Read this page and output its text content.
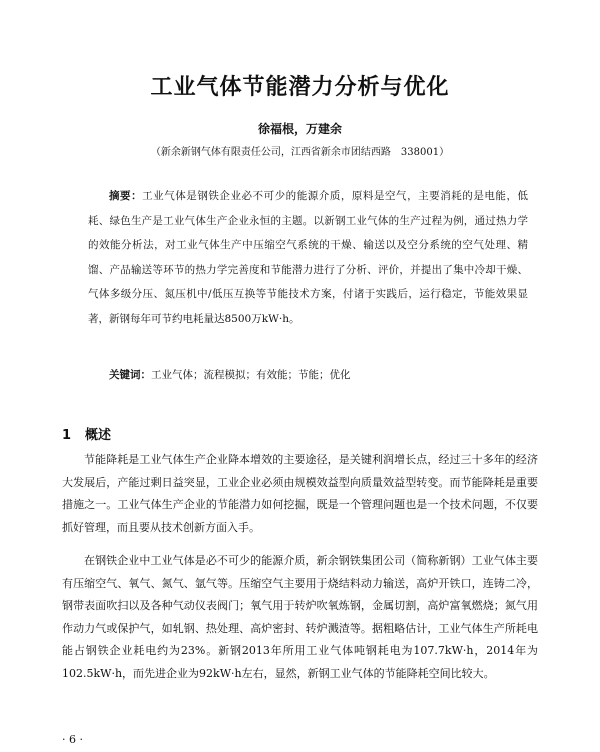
工业气体节能潜力分析与优化
徐福根，万建余
（新余新钢气体有限责任公司，江西省新余市团结西路　338001）
摘要：工业气体是钢铁企业必不可少的能源介质，原料是空气，主要消耗的是电能，低耗、绿色生产是工业气体生产企业永恒的主题。以新钢工业气体的生产过程为例，通过热力学的效能分析法，对工业气体生产中压缩空气系统的干燥、输送以及空分系统的空气处理、精馏、产品输送等环节的热力学完善度和节能潜力进行了分析、评价，并提出了集中冷却干燥、气体多级分压、氮压机中/低压互换等节能技术方案，付诸于实践后，运行稳定，节能效果显著，新钢每年可节约电耗量达8500万kW·h。
关键词：工业气体；流程模拟；有效能；节能；优化
1 概述
节能降耗是工业气体生产企业降本增效的主要途径，是关键利润增长点，经过三十多年的经济大发展后，产能过剩日益突显，工业企业必须由规模效益型向质量效益型转变。而节能降耗是重要措施之一。工业气体生产企业的节能潜力如何挖掘，既是一个管理问题也是一个技术问题，不仅要抓好管理，而且要从技术创新方面入手。
在钢铁企业中工业气体是必不可少的能源介质，新余钢铁集团公司（简称新钢）工业气体主要有压缩空气、氧气、氮气、氩气等。压缩空气主要用于烧结料动力输送，高炉开铁口，连铸二冷，钢带表面吹扫以及各种气动仪表阀门；氧气用于转炉吹氧炼钢，金属切割，高炉富氧燃烧；氮气用作动力气或保护气，如轧钢、热处理、高炉密封、转炉溅渣等。据粗略估计，工业气体生产所耗电能占钢铁企业耗电约为23%。新钢2013年所用工业气体吨钢耗电为107.7kW·h，2014年为102.5kW·h，而先进企业为92kW·h左右，显然，新钢工业气体的节能降耗空间比较大。
· 6 ·
